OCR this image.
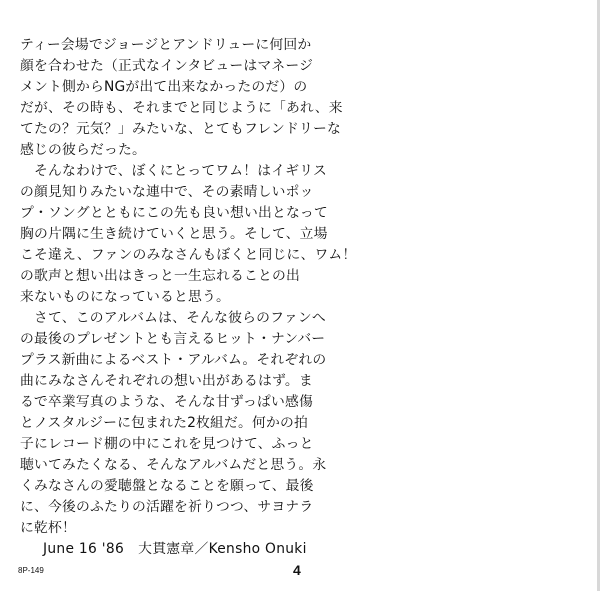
ティー会場でジョージとアンドリューに何回か
顔を合わせた（正式なインタビューはマネージ
メント側からNGが出て出来なかったのだ）の
だが、その時も、それまでと同じように「あれ、来
てたの？元気？」みたいな、とてもフレンドリーな
感じの彼らだった。
　そんなわけで、ぼくにとってワム！はイギリス
の顔見知りみたいな連中で、その素晴しいポッ
プ・ソングとともにこの先も良い想い出となって
胸の片隅に生き続けていくと思う。そして、立場
こそ違え、ファンのみなさんもぼくと同じに、ワム！
の歌声と想い出はきっと一生忘れることの出
来ないものになっていると思う。
　さて、このアルバムは、そんな彼らのファンへ
の最後のプレゼントとも言えるヒット・ナンバー
プラス新曲によるベスト・アルバム。それぞれの
曲にみなさんそれぞれの想い出があるはず。ま
るで卒業写真のような、そんな甘ずっぱい感傷
とノスタルジーに包まれた2枚組だ。何かの拍
子にレコード棚の中にこれを見つけて、ふっと
聴いてみたくなる、そんなアルバムだと思う。永
くみなさんの愛聴盤となることを願って、最後
に、今後のふたりの活躍を祈りつつ、サヨナラ
に乾杯！
June 16 '86　大貫憲章／Kensho Onuki
8P-149	4
